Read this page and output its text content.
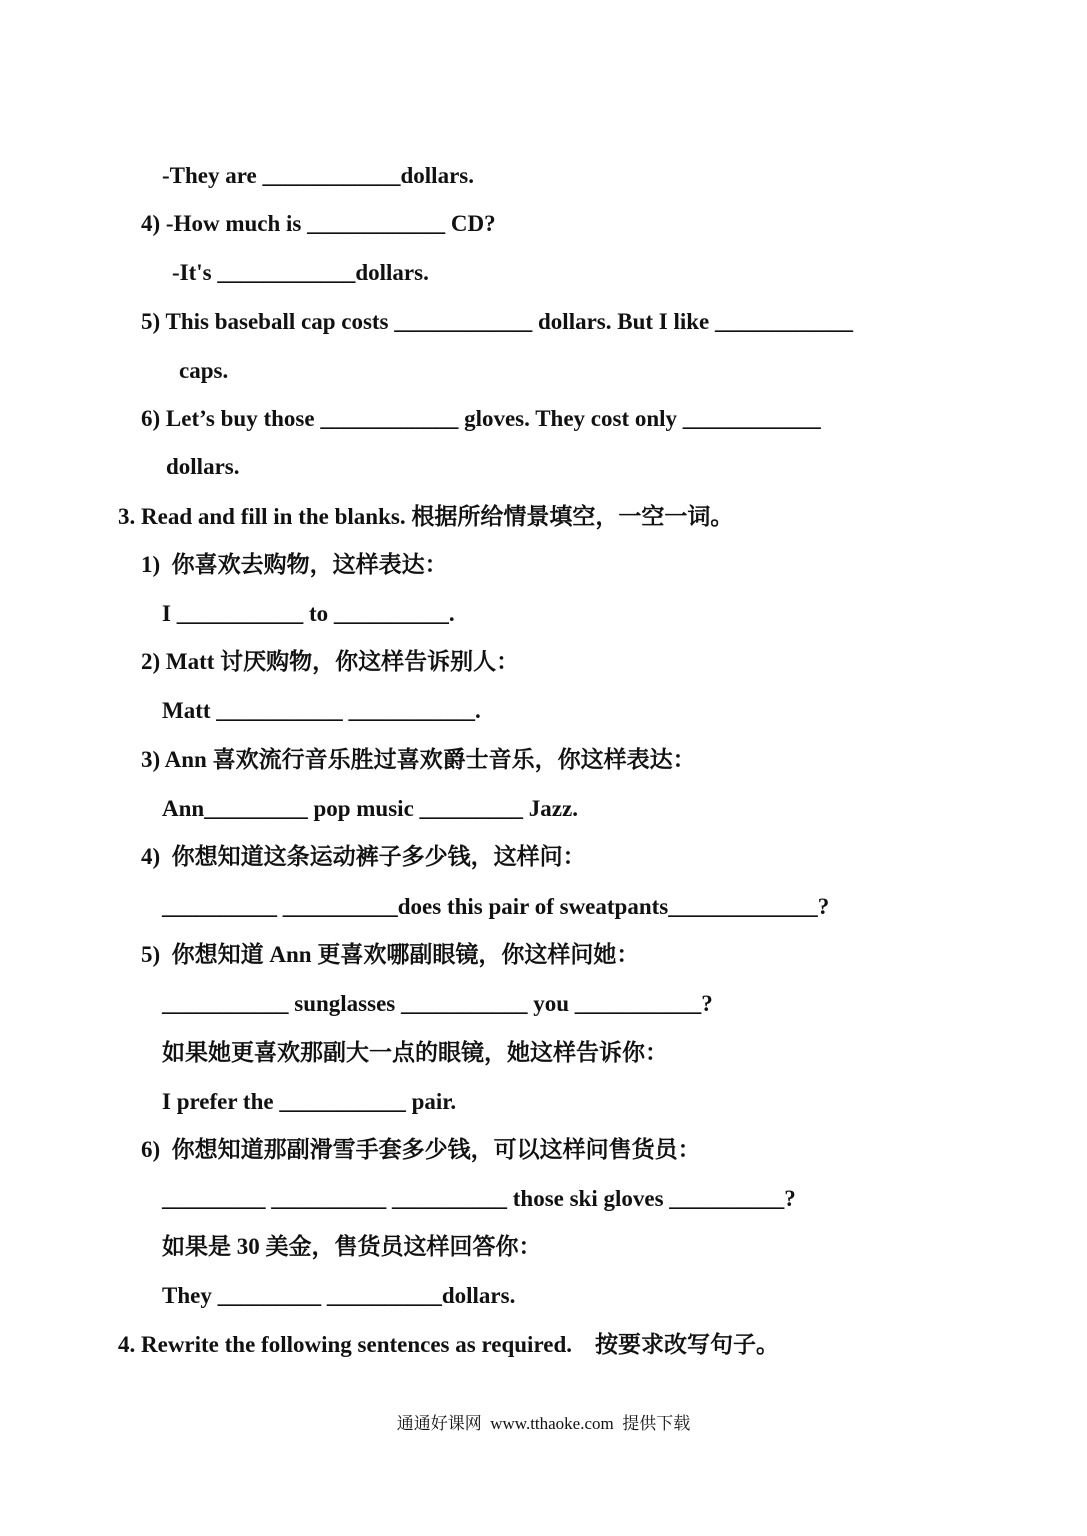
-They are ____________dollars.
4) -How much is ____________ CD?
-It's ____________dollars.
5) This baseball cap costs ____________ dollars. But I like ____________
caps.
6) Let’s buy those ____________ gloves. They cost only ____________
dollars.
3. Read and fill in the blanks. 根据所给情景填空，一空一词。
1)  你喜欢去购物，这样表达：
I ___________ to __________.
2) Matt 讨厌购物，你这样告诉别人：
Matt ___________ ___________.
3) Ann 喜欢流行音乐胜过喜欢爵士音乐，你这样表达：
Ann_________ pop music _________ Jazz.
4)  你想知道这条运动裤子多少钱，这样问：
__________ __________does this pair of sweatpants_____________?
5)  你想知道 Ann 更喜欢哪副眼镜，你这样问她：
___________ sunglasses ___________ you ___________?
如果她更喜欢那副大一点的眼镜，她这样告诉你：
I prefer the ___________ pair.
6)  你想知道那副滑雪手套多少钱，可以这样问售货员：
_________ __________ __________ those ski gloves __________?
如果是 30 美金，售货员这样回答你：
They _________ __________dollars.
4. Rewrite the following sentences as required.    按要求改写句子。
通通好课网  www.tthaoke.com  提供下载
